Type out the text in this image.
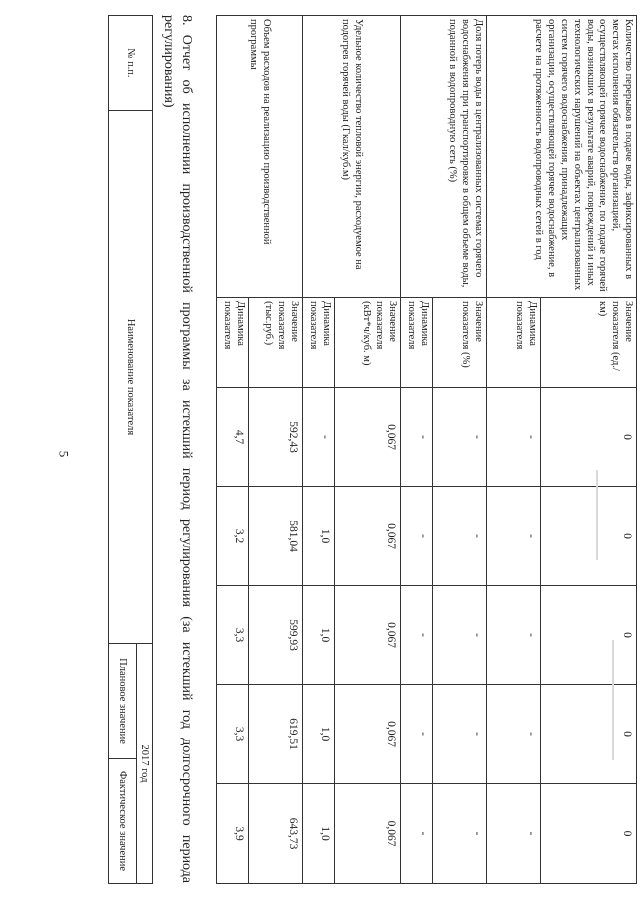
5
Количество перерывов в подаче воды, зафиксированных в местах исполнения обязательств организацией, осуществляющей горячее водоснабжение, по подаче горячей воды, возникших в результате аварий, повреждений и иных технологических нарушений на объектах централизованных систем горячего водоснабжения, принадлежащих организации, осуществляющей горячее водоснабжение, в расчете на протяженность водопроводных сетей в год	Значение показателя (ед./км)	0	0	0	0	0
	Динамика показателя	-	-	-	-	-
Доля потерь воды в централизованных системах горячего водоснабжения при транспортировке в общем объеме воды, поданной в водопроводную сеть (%)	Значение показателя (%)	-	-	-	-	-
	Динамика показателя	-	-	-	-	-
Удельное количество тепловой энергии, расходуемое на подогрев горячей воды (Гкал/куб.м)	Значение показателя (кВт*ч/куб. м)	0,067	0,067	0,067	0,067	0,067
	Динамика показателя	-	1,0	1,0	1,0	1,0
Объем расходов на реализацию производственной программы	Значение показателя (тыс.руб.)	592,43	581,04	599,93	619,51	643,73
	Динамика показателя	4,7	3,2	3,3	3,3	3,9
8. Отчет об исполнении производственной программы за истекший период регулирования (за истекший год долгосрочного периода регулирования)
№ п.п.	Наименование показателя	2017 год	
		Плановое значение	Фактическое значение
